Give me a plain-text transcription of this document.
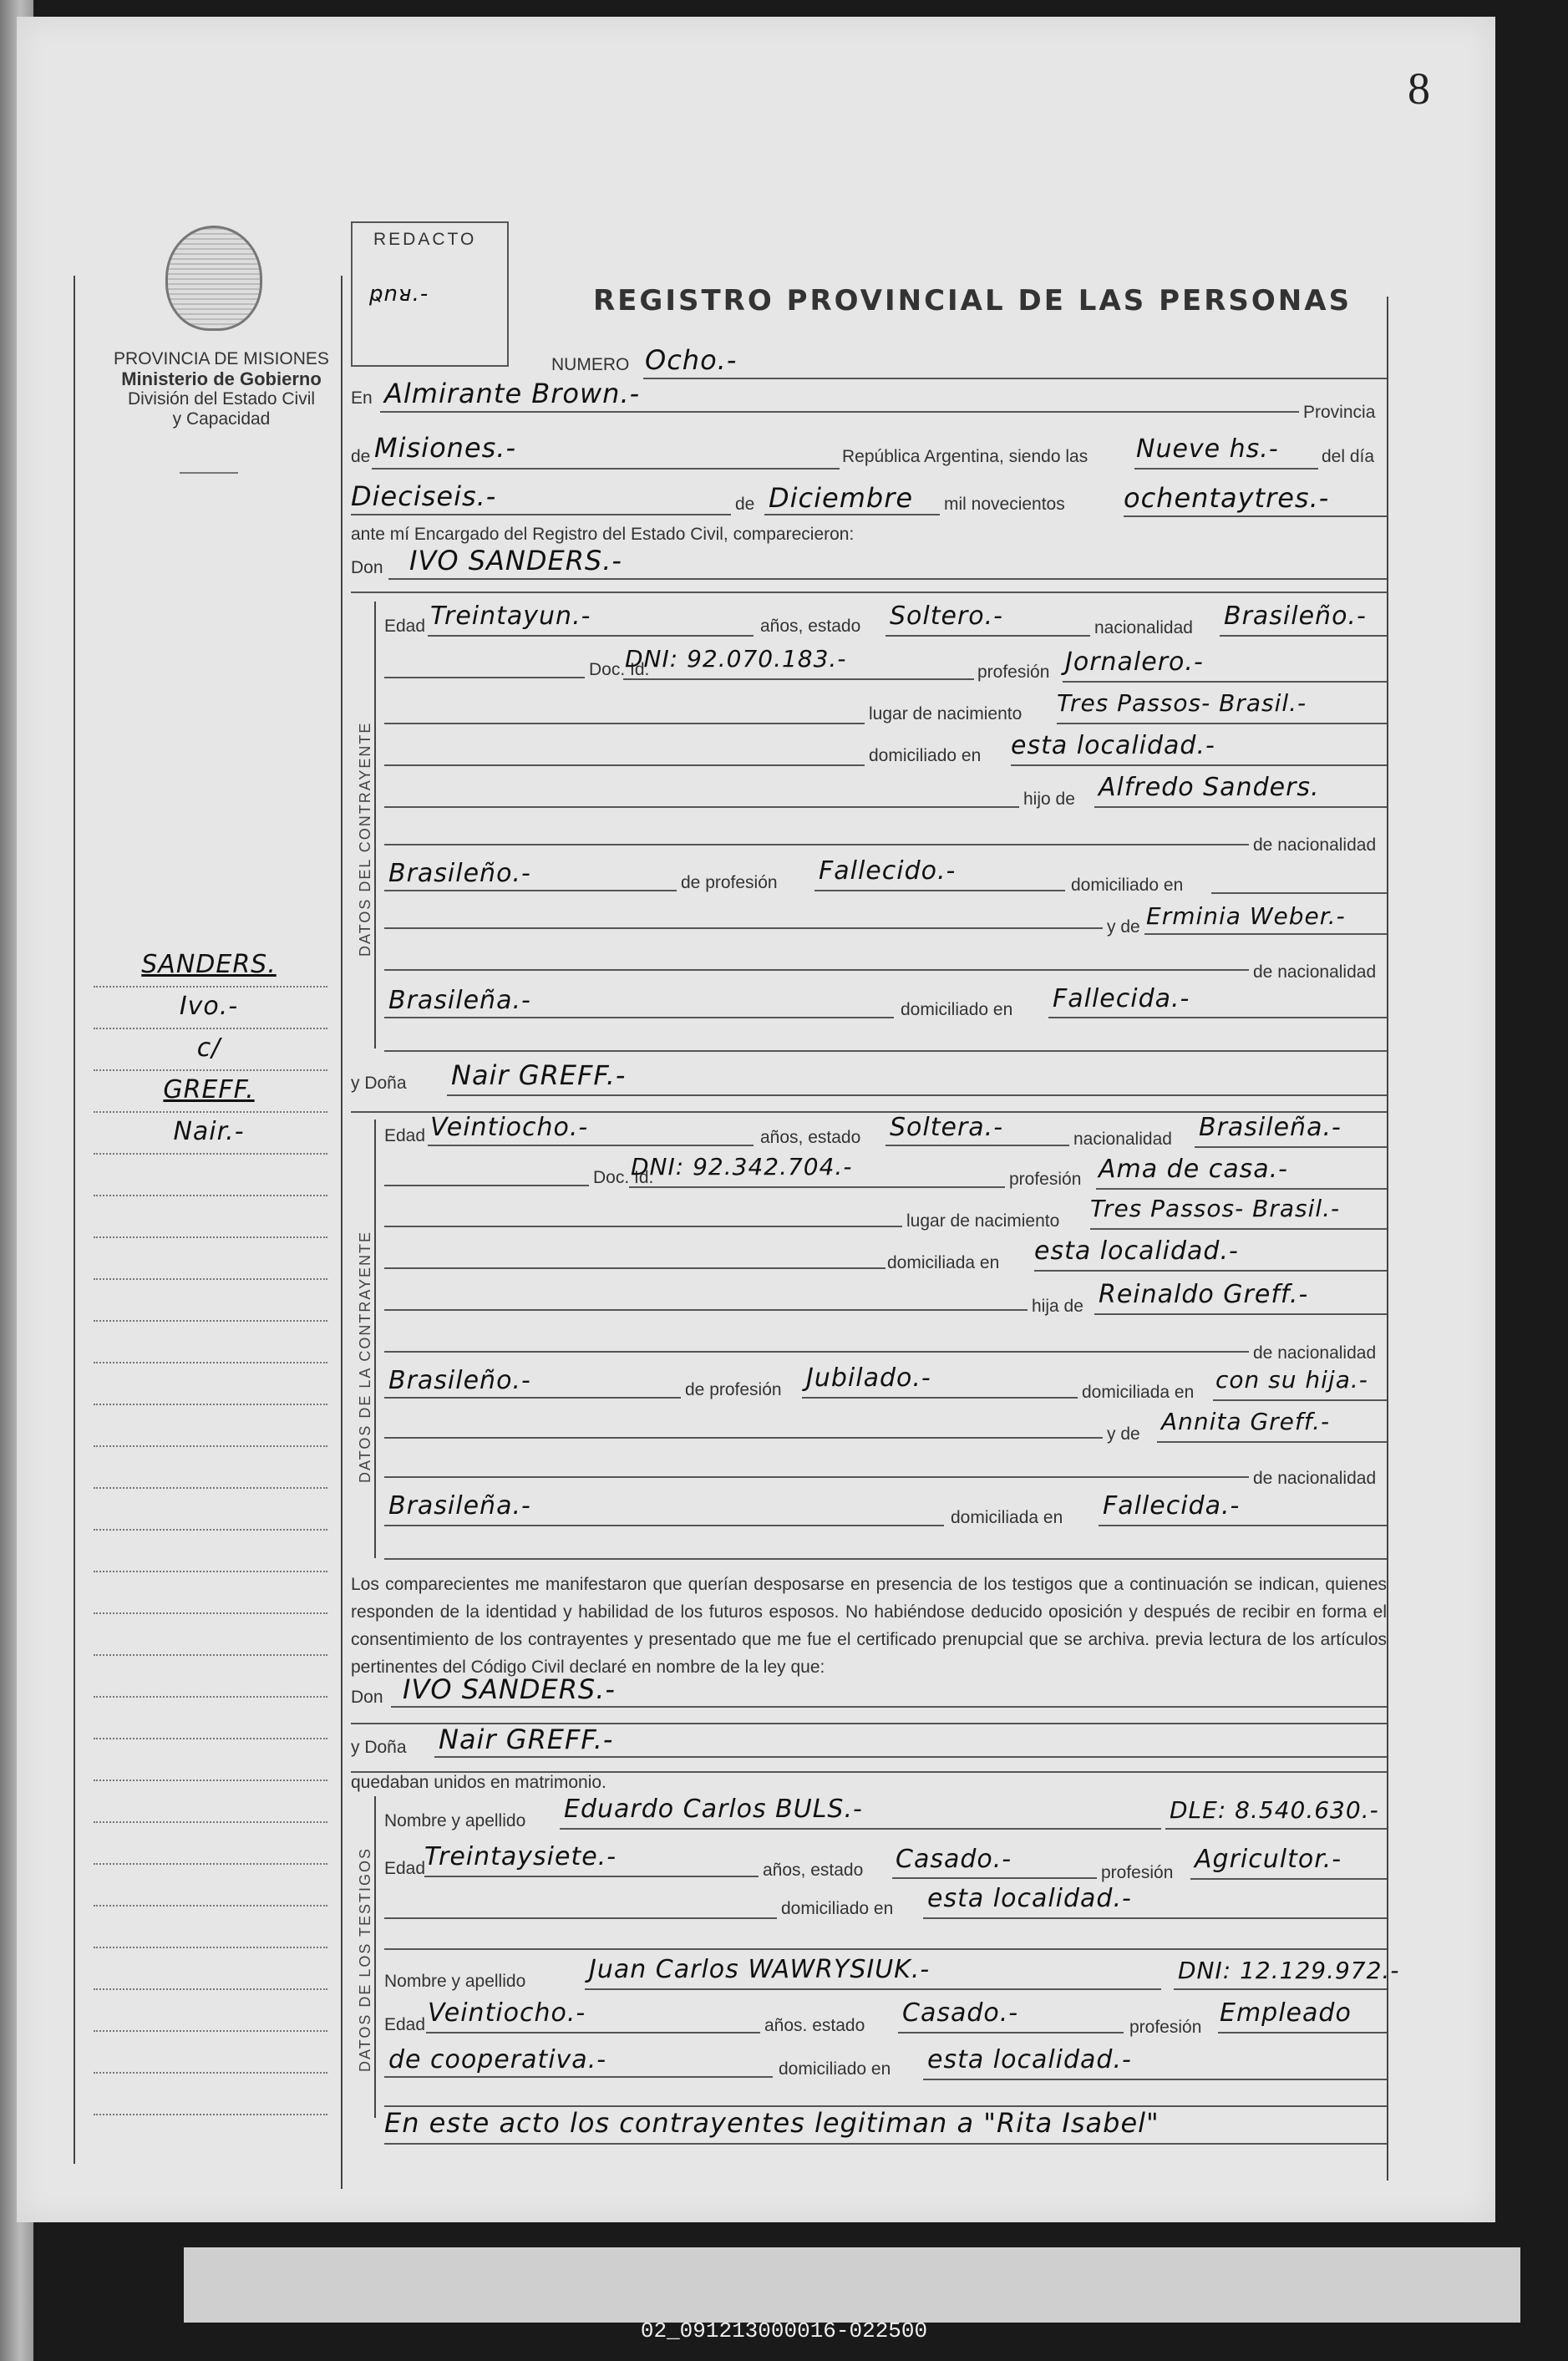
8
REDACTO
ҏnᴚ.-	REGISTRO PROVINCIAL DE LAS PERSONAS
PROVINCIA DE MISIONES
Ministerio de Gobierno
División del Estado Civil
y Capacidad
SANDERS.
Ivo.-
c/
GREFF.
Nair.-
NUMERO Ocho.-
En Almirante Brown.-
Provincia
de Misiones.-	República Argentina, siendo las Nueve hs.- del día
Dieciseis.-	de Diciembre mil novecientos ochentaytres.-
ante mí Encargado del Registro del Estado Civil, comparecieron:
Don IVO SANDERS.-
DATOS DEL CONTRAYENTE
Edad Treintayun.-	años, estado Soltero.-	nacionalidad Brasileño.-
Doc. Id.
DNI: 92.070.183.-	profesión Jornalero.-
lugar de nacimiento Tres Passos- Brasil.-
domiciliado en esta localidad.-
hijo de Alfredo Sanders.
de nacionalidad
Brasileño.-	de profesión Fallecido.-	domiciliado en
y de Erminia Weber.-
de nacionalidad
Brasileña.-	domiciliado en Fallecida.-
y Doña Nair GREFF.-
DATOS DE LA CONTRAYENTE
Edad Veintiocho.-	años, estado Soltera.-	nacionalidad Brasileña.-
Doc. Id.
DNI: 92.342.704.-	profesión Ama de casa.-
lugar de nacimiento Tres Passos- Brasil.-
domiciliada en esta localidad.-
hija de Reinaldo Greff.-
de nacionalidad
Brasileño.-	de profesión Jubilado.-	domiciliada en con su hija.-
y de Annita Greff.-
de nacionalidad
Brasileña.-	domiciliada en Fallecida.-
Los comparecientes me manifestaron que querían desposarse en presencia de los testigos que a continuación se indican, quienes responden de la identidad y habilidad de los futuros esposos. No habiéndose deducido oposición y después de recibir en forma el consentimiento de los contrayentes y presentado que me fue el certificado prenupcial que se archiva. previa lectura de los artículos pertinentes del Código Civil declaré en nombre de la ley que:
Don IVO SANDERS.-
y Doña Nair GREFF.-
quedaban unidos en matrimonio.
DATOS DE LOS TESTIGOS
Nombre y apellido Eduardo Carlos BULS.-	DLE: 8.540.630.-
Edad
Treintaysiete.-	años, estado Casado.-	profesión Agricultor.-
domiciliado en esta localidad.-
Nombre y apellido	Juan Carlos WAWRYSIUK.-	DNI: 12.129.972.-
Edad Veintiocho.-	años. estado Casado.-	profesión Empleado
de cooperativa.-	domiciliado en esta localidad.-
En este acto los contrayentes legitiman a "Rita Isabel"
02_091213000016-022500
